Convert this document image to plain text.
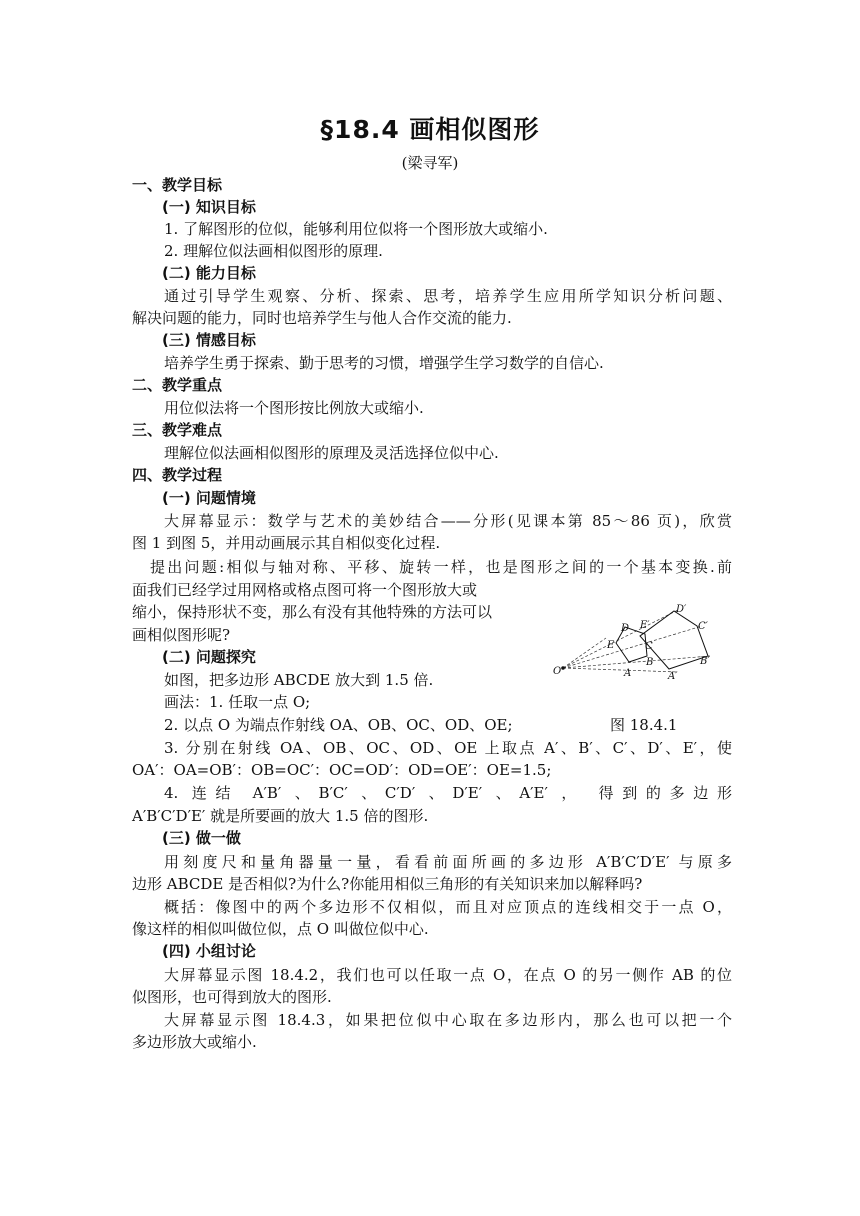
§18.4 画相似图形
(梁寻军)
一、教学目标
(一) 知识目标
1. 了解图形的位似，能够利用位似将一个图形放大或缩小.
2. 理解位似法画相似图形的原理.
(二) 能力目标
通过引导学生观察、分析、探索、思考，培养学生应用所学知识分析问题、
解决问题的能力，同时也培养学生与他人合作交流的能力.
(三) 情感目标
培养学生勇于探索、勤于思考的习惯，增强学生学习数学的自信心.
二、教学重点
用位似法将一个图形按比例放大或缩小.
三、教学难点
理解位似法画相似图形的原理及灵活选择位似中心.
四、教学过程
(一) 问题情境
大屏幕显示：数学与艺术的美妙结合——分形(见课本第 85～86 页)，欣赏
图 1 到图 5，并用动画展示其自相似变化过程.
提出问题:相似与轴对称、平移、旋转一样，也是图形之间的一个基本变换.前
面我们已经学过用网格或格点图可将一个图形放大或
缩小，保持形状不变，那么有没有其他特殊的方法可以
画相似图形呢?
(二) 问题探究
如图，把多边形 ABCDE 放大到 1.5 倍.
画法：1. 任取一点 O;
2. 以点 O 为端点作射线 OA、OB、OC、OD、OE;	图 18.4.1
3. 分别在射线 OA、OB、OC、OD、OE 上取点 A′、B′、C′、D′、E′，使
OA′：OA=OB′：OB=OC′：OC=OD′：OD=OE′：OE=1.5;
4. 连结 A′B′ 、B′C′ 、C′D′ 、D′E′ 、A′E′ ， 得到的多边形
A′B′C′D′E′ 就是所要画的放大 1.5 倍的图形.
(三) 做一做
用刻度尺和量角器量一量，看看前面所画的多边形 A′B′C′D′E′ 与原多
边形 ABCDE 是否相似?为什么?你能用相似三角形的有关知识来加以解释吗?
概括：像图中的两个多边形不仅相似，而且对应顶点的连线相交于一点 O，
像这样的相似叫做位似，点 O 叫做位似中心.
(四) 小组讨论
大屏幕显示图 18.4.2，我们也可以任取一点 O，在点 O 的另一侧作 AB 的位
似图形，也可得到放大的图形.
大屏幕显示图 18.4.3，如果把位似中心取在多边形内，那么也可以把一个
多边形放大或缩小.
O	A
B
C
D
E
A′
B′
C′
D′
E′
